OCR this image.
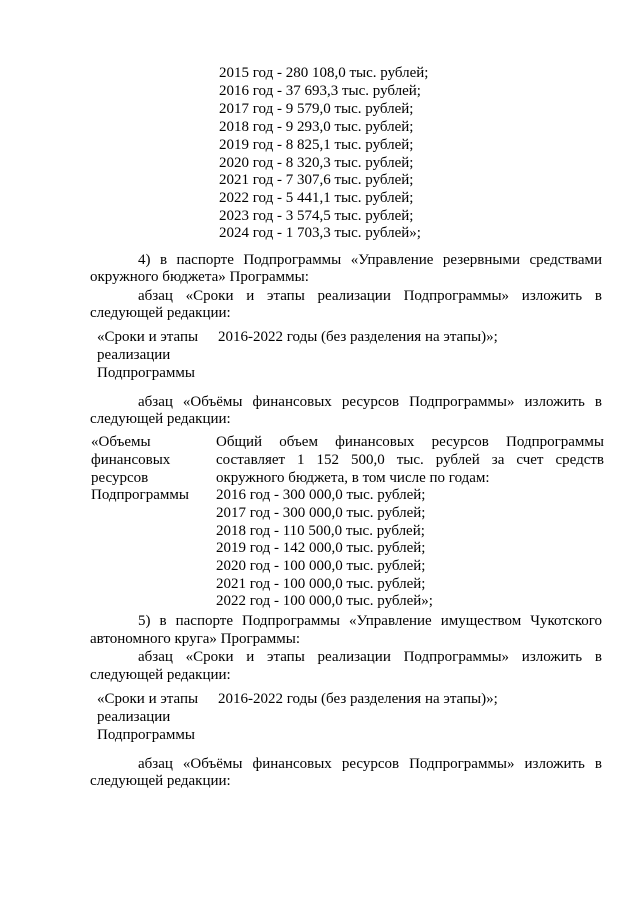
2015 год - 280 108,0 тыс. рублей;
2016 год - 37 693,3 тыс. рублей;
2017 год - 9 579,0 тыс. рублей;
2018 год - 9 293,0 тыс. рублей;
2019 год - 8 825,1 тыс. рублей;
2020 год - 8 320,3 тыс. рублей;
2021 год - 7 307,6 тыс. рублей;
2022 год - 5 441,1 тыс. рублей;
2023 год - 3 574,5 тыс. рублей;
2024 год - 1 703,3 тыс. рублей»;
4) в паспорте Подпрограммы «Управление резервными средствами
окружного бюджета» Программы:
абзац «Сроки и этапы реализации Подпрограммы» изложить в
следующей редакции:
«Сроки и этапы
реализации
Подпрограммы
2016-2022 годы (без разделения на этапы)»;
абзац «Объёмы финансовых ресурсов Подпрограммы» изложить в
следующей редакции:
«Объемы
финансовых
ресурсов
Подпрограммы
Общий объем финансовых ресурсов Подпрограммы
составляет 1 152 500,0 тыс. рублей за счет средств
окружного бюджета, в том числе по годам:
2016 год - 300 000,0 тыс. рублей;
2017 год - 300 000,0 тыс. рублей;
2018 год - 110 500,0 тыс. рублей;
2019 год - 142 000,0 тыс. рублей;
2020 год - 100 000,0 тыс. рублей;
2021 год - 100 000,0 тыс. рублей;
2022 год - 100 000,0 тыс. рублей»;
5) в паспорте Подпрограммы «Управление имуществом Чукотского
автономного круга» Программы:
абзац «Сроки и этапы реализации Подпрограммы» изложить в
следующей редакции:
«Сроки и этапы
реализации
Подпрограммы
2016-2022 годы (без разделения на этапы)»;
абзац «Объёмы финансовых ресурсов Подпрограммы» изложить в
следующей редакции:
